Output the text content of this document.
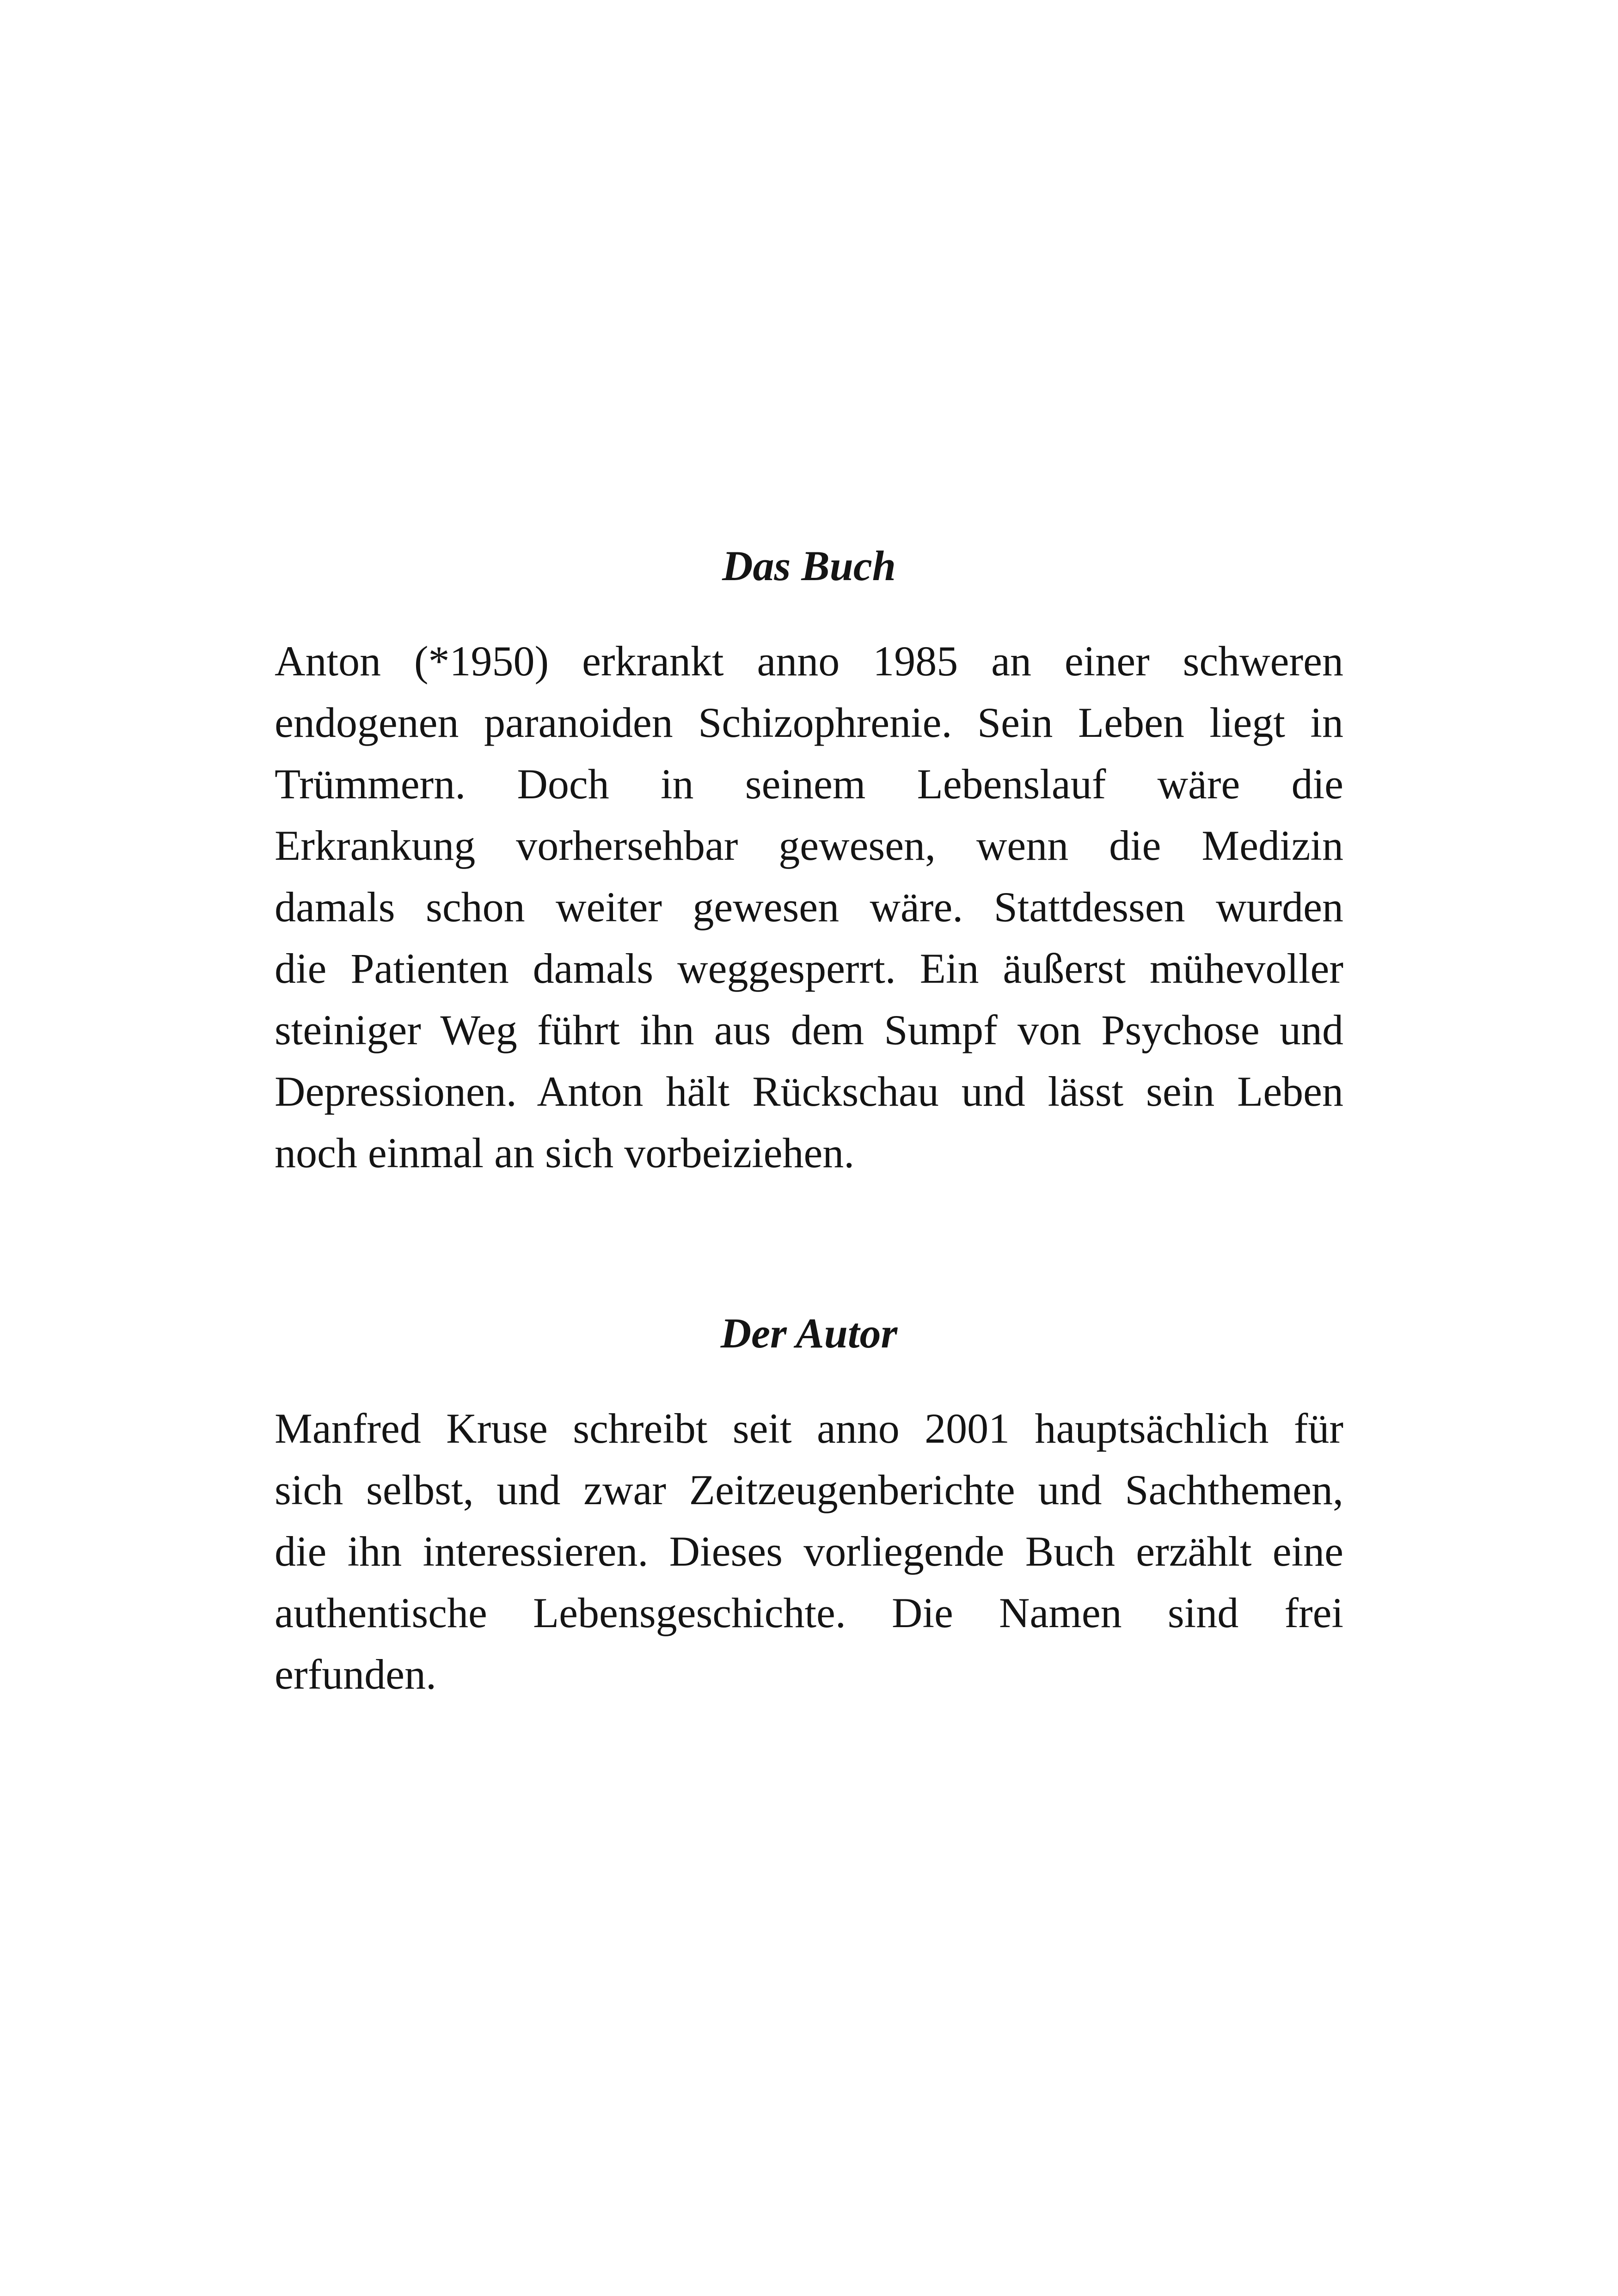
Das Buch

Anton (*1950) erkrankt anno 1985 an einer schweren
endogenen paranoiden Schizophrenie. Sein Leben liegt in
Trümmern. Doch in seinem Lebenslauf wäre die
Erkrankung vorhersehbar gewesen, wenn die Medizin
damals schon weiter gewesen wäre. Stattdessen wurden
die Patienten damals weggesperrt. Ein äußerst mühevoller
steiniger Weg führt ihn aus dem Sumpf von Psychose und
Depressionen. Anton hält Rückschau und lässt sein Leben
noch einmal an sich vorbeiziehen.

Der Autor

Manfred Kruse schreibt seit anno 2001 hauptsächlich für
sich selbst, und zwar Zeitzeugenberichte und Sachthemen,
die ihn interessieren. Dieses vorliegende Buch erzählt eine
authentische Lebensgeschichte. Die Namen sind frei
erfunden.
